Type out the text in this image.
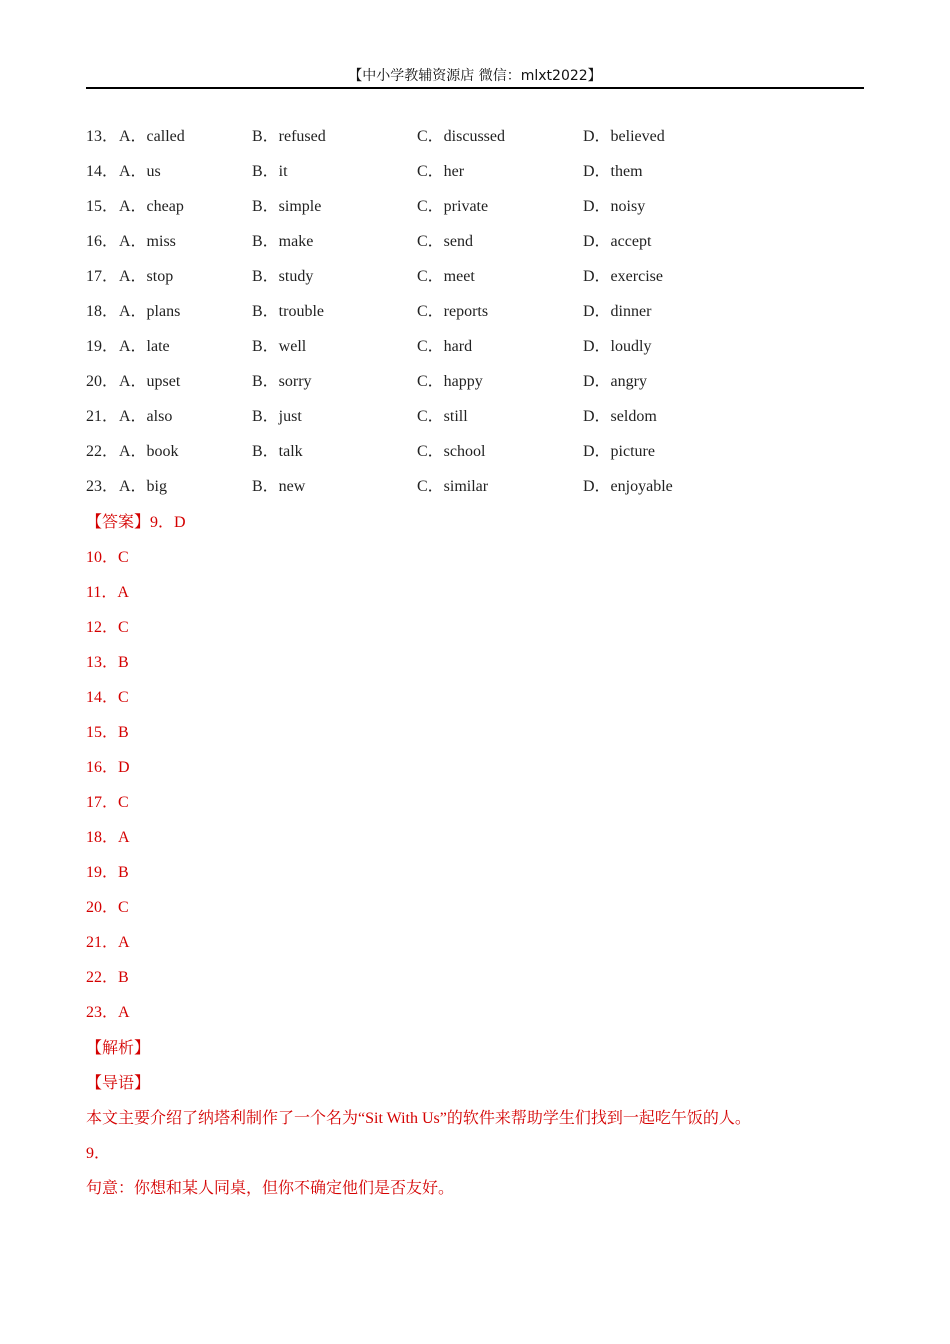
【中小学教辅资源店 微信：mlxt2022】
13． A．called	B．refused	C．discussed	D．believed
14． A．us	B．it	C．her	D．them
15． A．cheap	B．simple	C．private	D．noisy
16． A．miss	B．make	C．send	D．accept
17． A．stop	B．study	C．meet	D．exercise
18． A．plans	B．trouble	C．reports	D．dinner
19． A．late	B．well	C．hard	D．loudly
20． A．upset	B．sorry	C．happy	D．angry
21． A．also	B．just	C．still	D．seldom
22． A．book	B．talk	C．school	D．picture
23． A．big	B．new	C．similar	D．enjoyable
【答案】9．D
10．C
11．A
12．C
13．B
14．C
15．B
16．D
17．C
18．A
19．B
20．C
21．A
22．B
23．A
【解析】
【导语】
本文主要介绍了纳塔利制作了一个名为“Sit With Us”的软件来帮助学生们找到一起吃午饭的人。
9．
句意：你想和某人同桌，但你不确定他们是否友好。
